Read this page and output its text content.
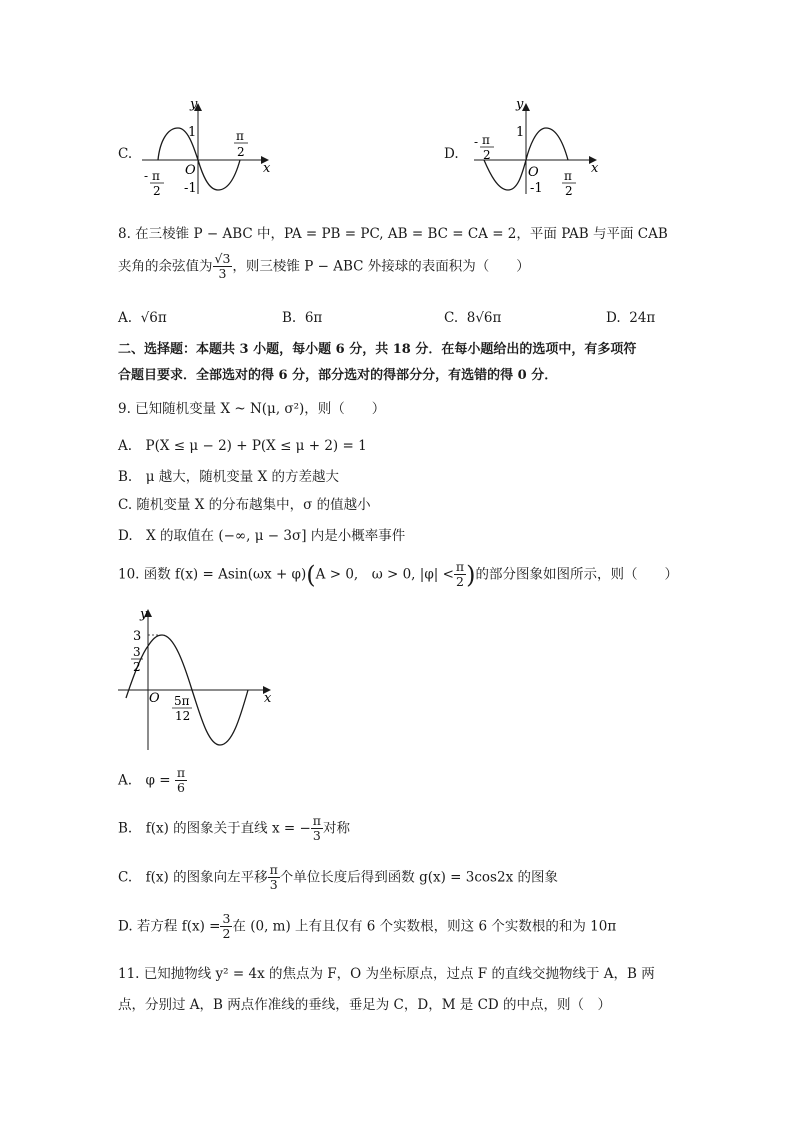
C.
y
x
O
1
-1
π
2
- π
2
D.
y
x
O
1
-1
- π
2
π
2
8. 在三棱锥 P − ABC 中，PA = PB = PC, AB = BC = CA = 2，平面 PAB 与平面 CAB
夹角的余弦值为 $\frac{√3}{3}$ ，则三棱锥 P − ABC 外接球的表面积为（　　）
A. √6π	B. 6π	C. 8√6π	D. 24π
二、选择题：本题共 3 小题，每小题 6 分，共 18 分．在每小题给出的选项中，有多项符
合题目要求．全部选对的得 6 分，部分选对的得部分分，有选错的得 0 分．
9. 已知随机变量 X ~ N(μ, σ²)，则（　　）
A.　P(X ≤ μ − 2) + P(X ≤ μ + 2) = 1
B.　μ 越大，随机变量 X 的方差越大
C. 随机变量 X 的分布越集中，σ 的值越小
D.　X 的取值在 (−∞, μ − 3σ] 内是小概率事件
10. 函数 f(x) = Asin(ωx + φ)(A > 0,　ω > 0, $|\varphi| < \frac{\pi}{2}$ )的部分图象如图所示，则（　　）
y
x
O
3
3
2
5π
12
A.　$\varphi = \frac{\pi}{6}$
B.　f(x) 的图象关于直线 x = − $\frac{\pi}{3}$ 对称
C.　f(x) 的图象向左平移 $\frac{\pi}{3}$ 个单位长度后得到函数 g(x) = 3cos2x 的图象
D. 若方程 $f(x) = \frac{3}{2}$ 在 (0, m) 上有且仅有 6 个实数根，则这 6 个实数根的和为 10π
11. 已知抛物线 y² = 4x 的焦点为 F，O 为坐标原点，过点 F 的直线交抛物线于 A，B 两
点，分别过 A，B 两点作准线的垂线，垂足为 C，D，M 是 CD 的中点，则（　）
